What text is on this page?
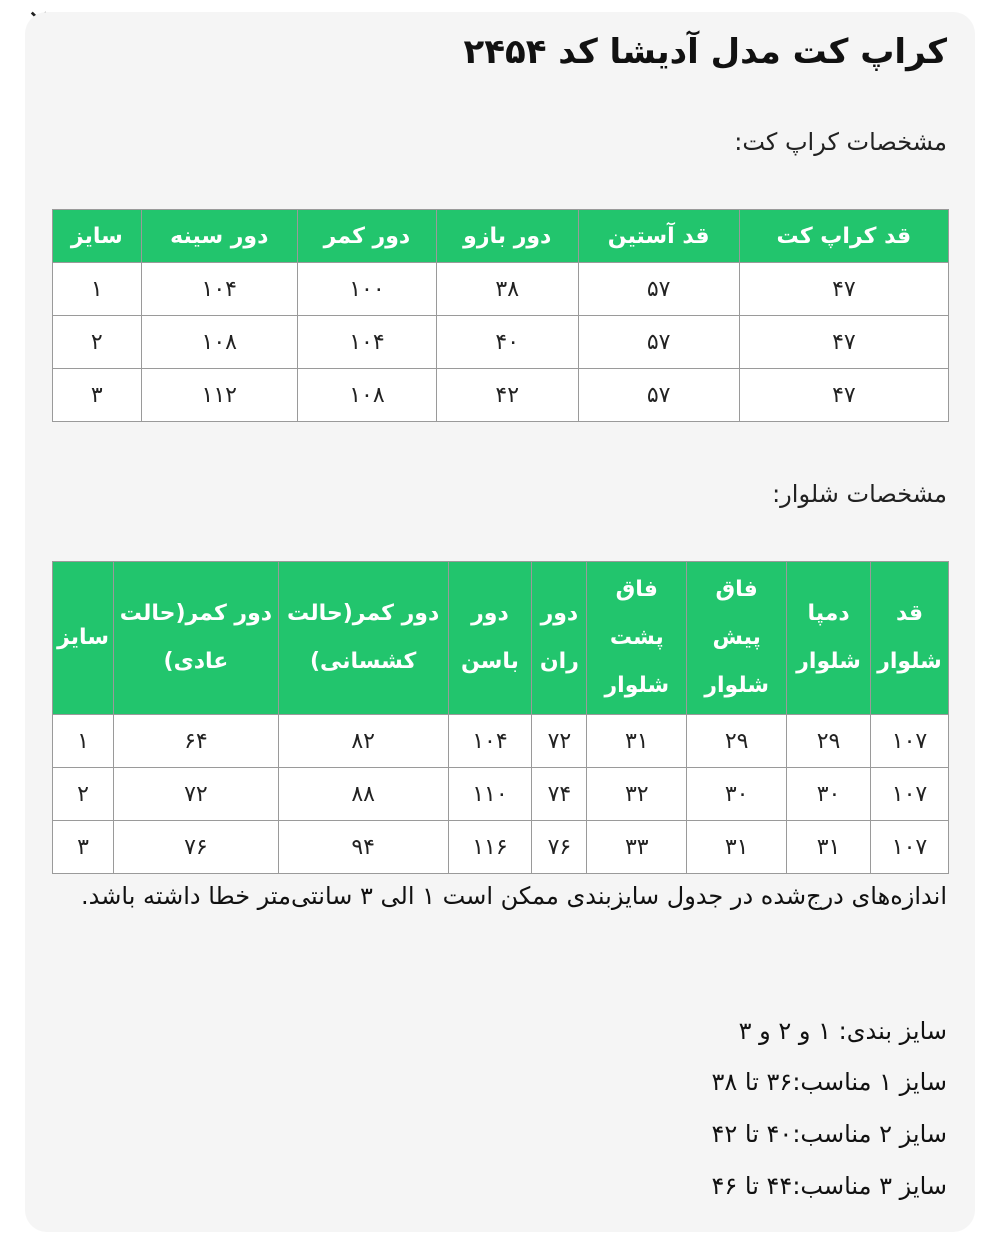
کراپ کت مدل آدیشا کد ۲۴۵۴
مشخصات کراپ کت:
قد کراپ کت	قد آستین	دور بازو	دور کمر	دور سینه	سایز
۴۷	۵۷	۳۸	۱۰۰	۱۰۴	۱
۴۷	۵۷	۴۰	۱۰۴	۱۰۸	۲
۴۷	۵۷	۴۲	۱۰۸	۱۱۲	۳
مشخصات شلوار:
قد شلوار	دمپا شلوار	فاق پیش شلوار	فاق پشت شلوار	دور ران	دور باسن	دور کمر(حالت کشسانی)	دور کمر(حالت عادی)	سایز
۱۰۷	۲۹	۲۹	۳۱	۷۲	۱۰۴	۸۲	۶۴	۱
۱۰۷	۳۰	۳۰	۳۲	۷۴	۱۱۰	۸۸	۷۲	۲
۱۰۷	۳۱	۳۱	۳۳	۷۶	۱۱۶	۹۴	۷۶	۳
اندازه‌های درج‌شده در جدول سایزبندی ممکن است ۱ الی ۳ سانتی‌متر خطا داشته باشد.
سایز بندی: ۱ و ۲ و ۳
سایز ۱ مناسب:۳۶ تا ۳۸
سایز ۲ مناسب:۴۰ تا ۴۲
سایز ۳ مناسب:۴۴ تا ۴۶
